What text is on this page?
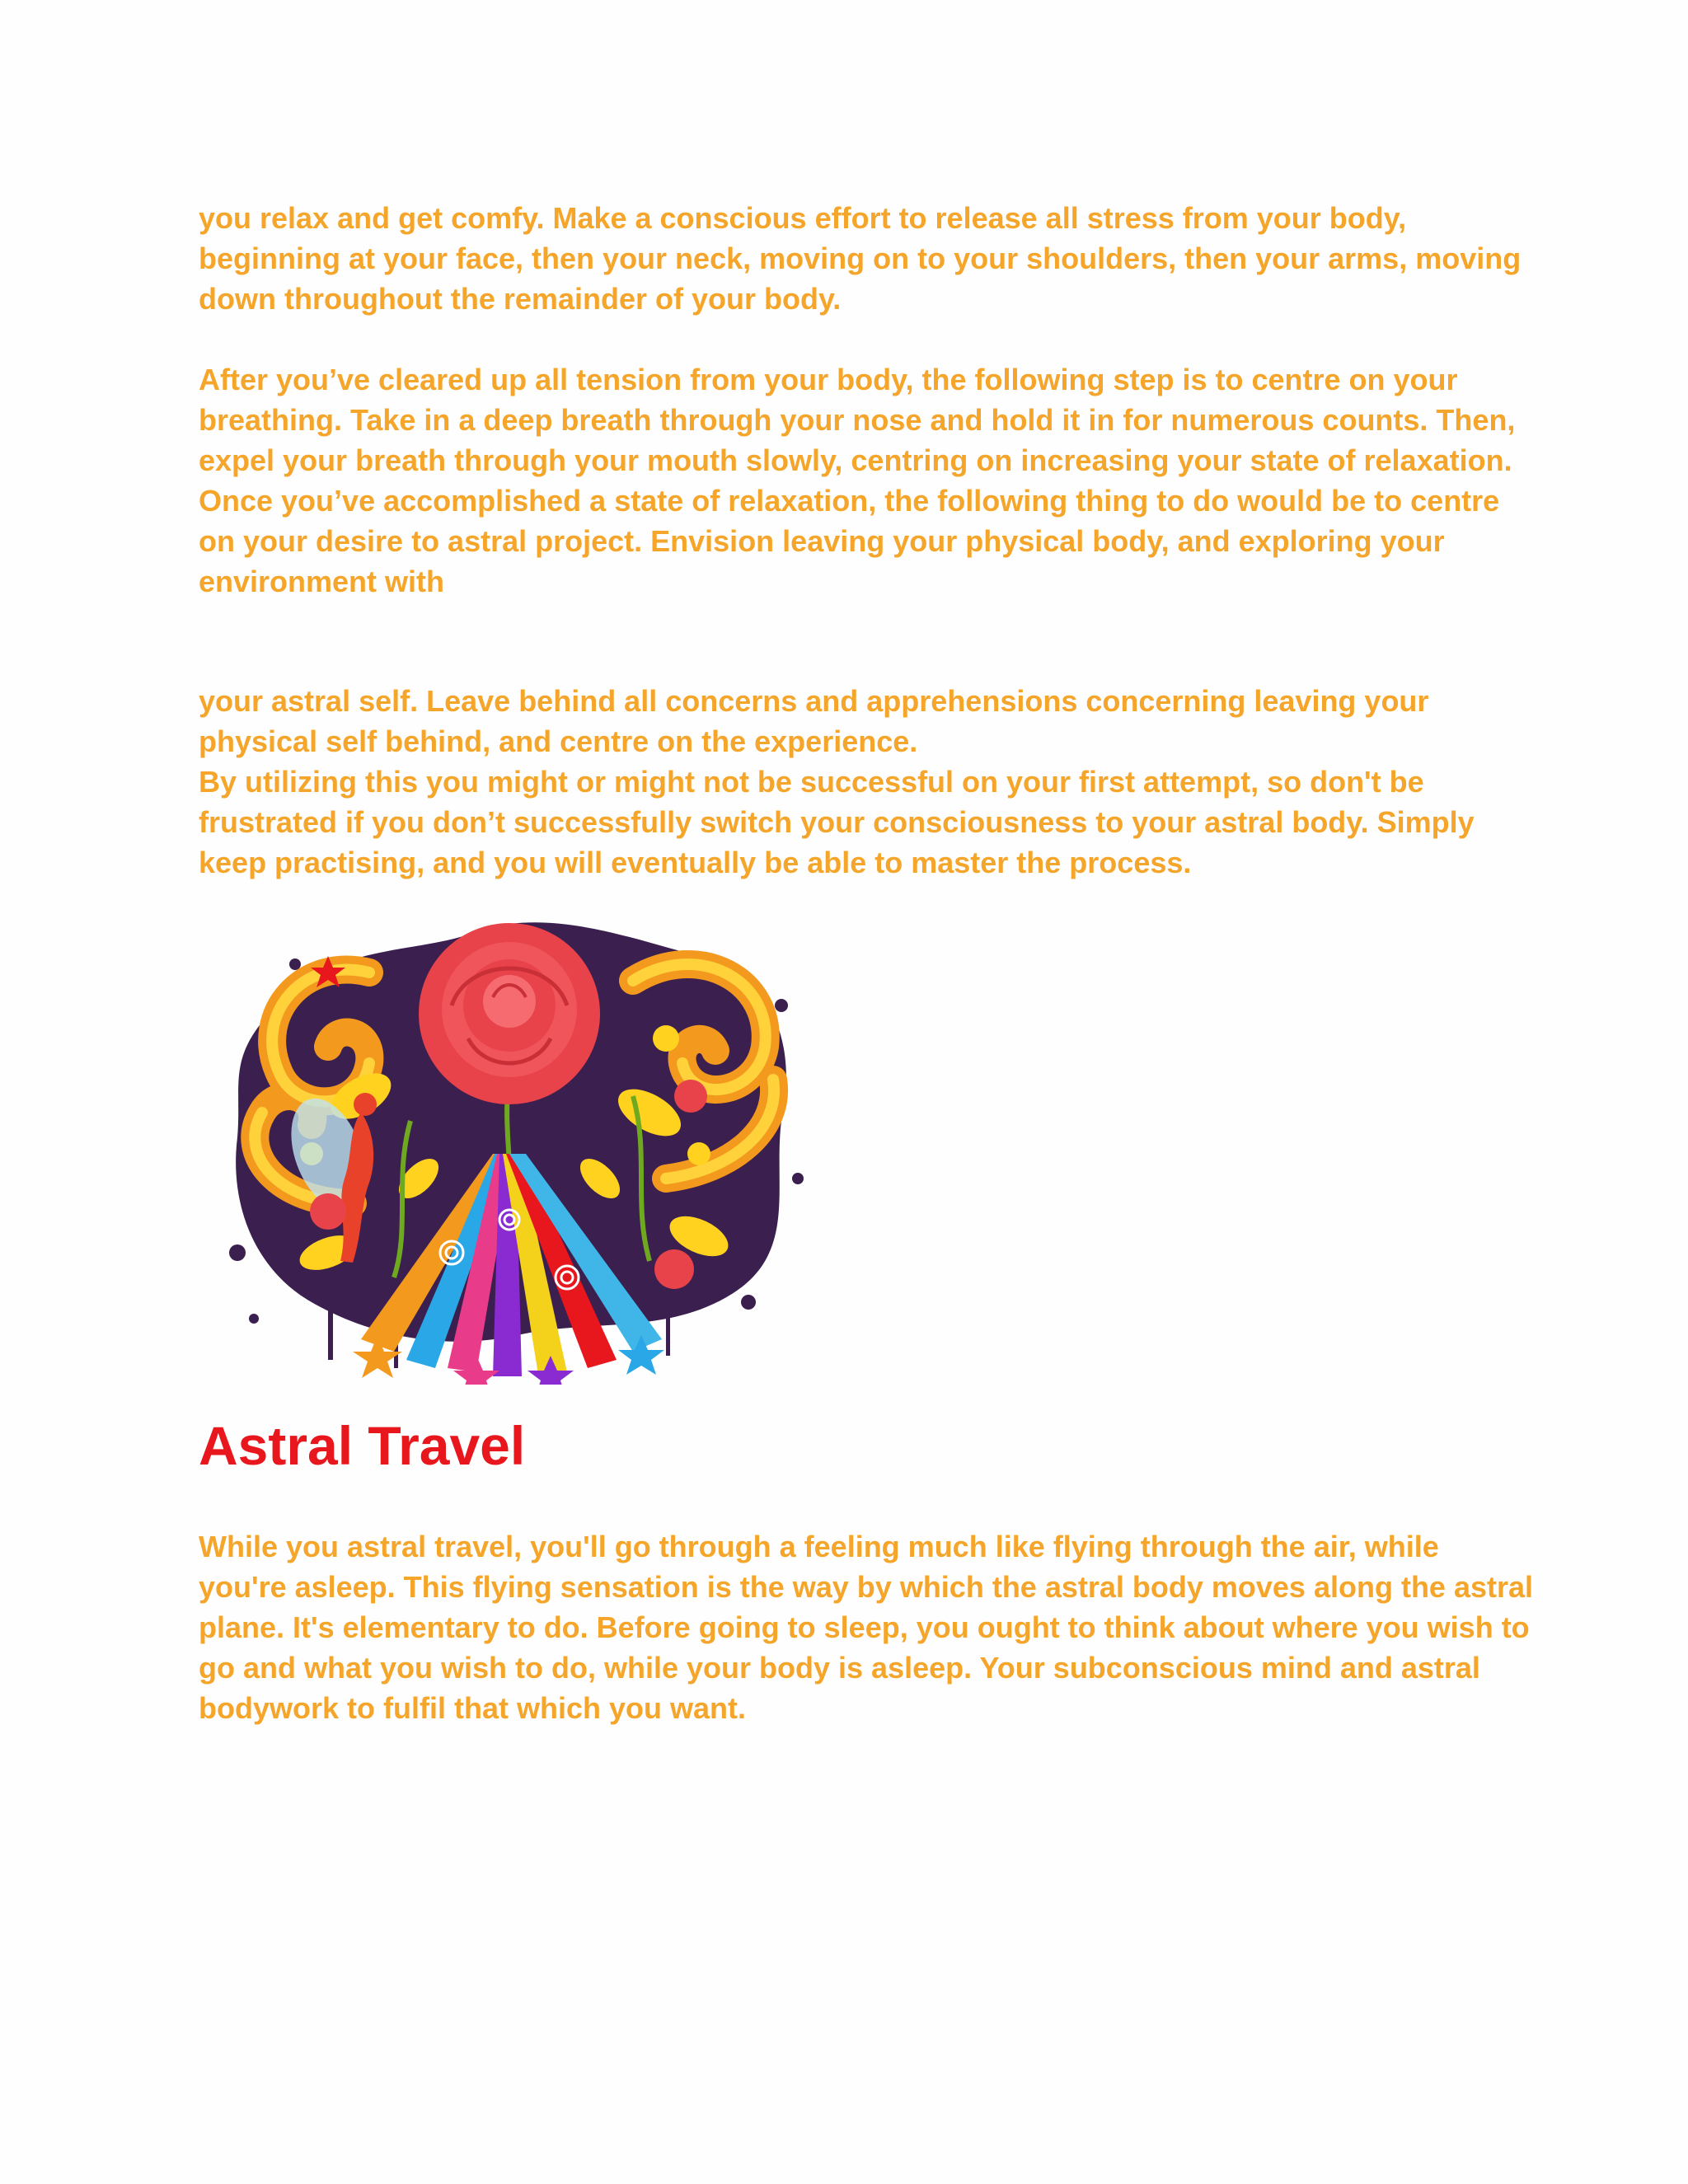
you relax and get comfy. Make a conscious effort to release all stress from your body, beginning at your face, then your neck, moving on to your shoulders, then your arms, moving down throughout the remainder of your body.

After you’ve cleared up all tension from your body, the following step is to centre on your breathing. Take in a deep breath through your nose and hold it in for numerous counts. Then, expel your breath through your mouth slowly, centring on increasing your state of relaxation.

Once you’ve accomplished a state of relaxation, the following thing to do would be to centre on your desire to astral project. Envision leaving your physical body, and exploring your environment with

your astral self. Leave behind all concerns and apprehensions concerning leaving your physical self behind, and centre on the experience.

By utilizing this you might or might not be successful on your first attempt, so don't be frustrated if you don’t successfully switch your consciousness to your astral body. Simply keep practising, and you will eventually be able to master the process.

Astral Travel

While you astral travel, you'll go through a feeling much like flying through the air, while you're asleep. This flying sensation is the way by which the astral body moves along the astral plane. It's elementary to do. Before going to sleep, you ought to think about where you wish to go and what you wish to do, while your body is asleep. Your subconscious mind and astral bodywork to fulfil that which you want.
